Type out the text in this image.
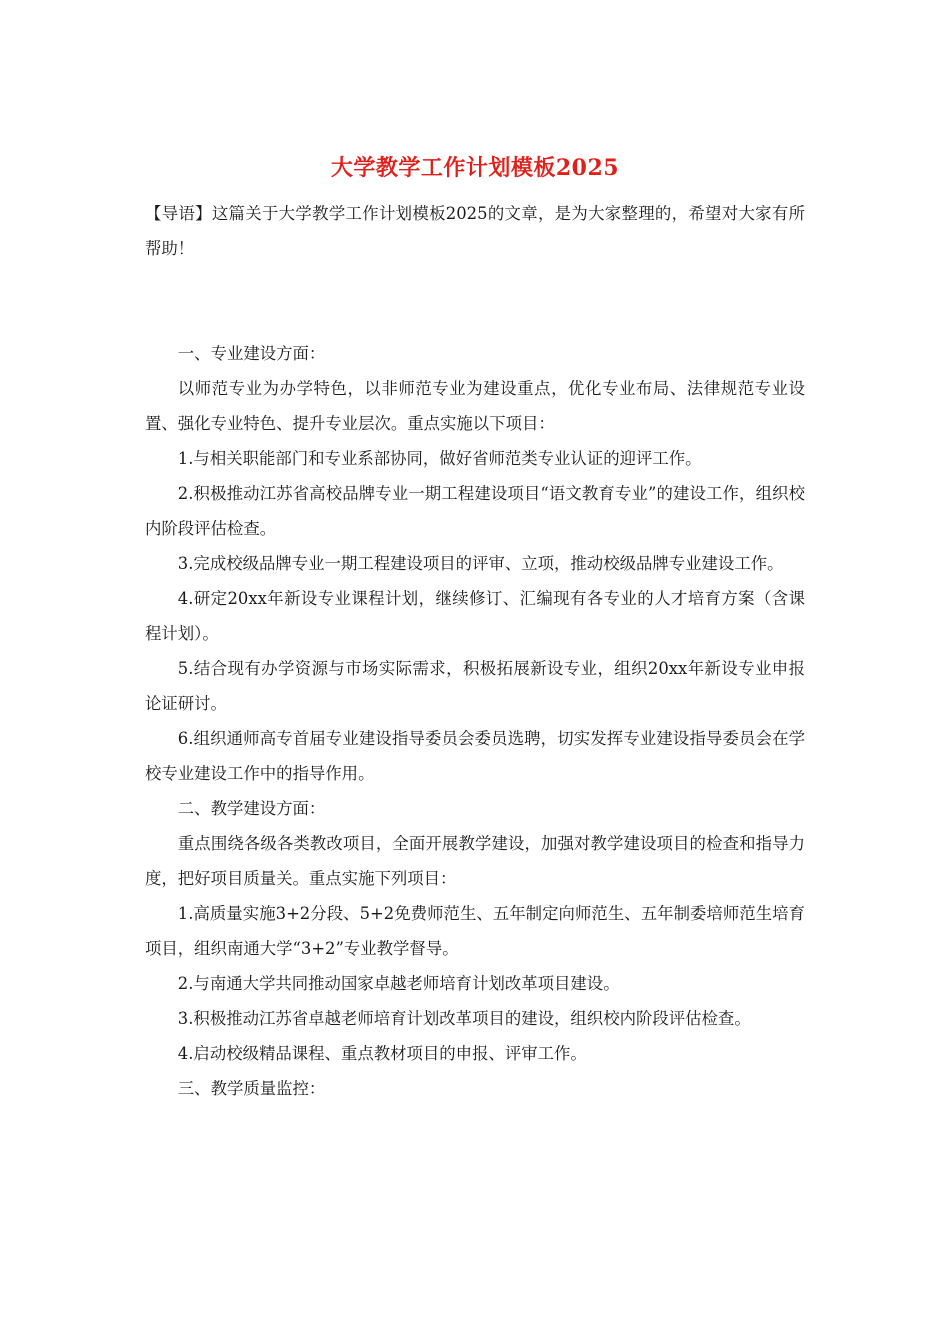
大学教学工作计划模板2025

【导语】这篇关于大学教学工作计划模板2025的文章，是为大家整理的，希望对大家有所帮助！

一、专业建设方面：

以师范专业为办学特色，以非师范专业为建设重点，优化专业布局、法律规范专业设置、强化专业特色、提升专业层次。重点实施以下项目：

1.与相关职能部门和专业系部协同，做好省师范类专业认证的迎评工作。

2.积极推动江苏省高校品牌专业一期工程建设项目“语文教育专业”的建设工作，组织校内阶段评估检查。

3.完成校级品牌专业一期工程建设项目的评审、立项，推动校级品牌专业建设工作。

4.研定20xx年新设专业课程计划，继续修订、汇编现有各专业的人才培育方案（含课程计划）。

5.结合现有办学资源与市场实际需求，积极拓展新设专业，组织20xx年新设专业申报论证研讨。

6.组织通师高专首届专业建设指导委员会委员选聘，切实发挥专业建设指导委员会在学校专业建设工作中的指导作用。

二、教学建设方面：

重点围绕各级各类教改项目，全面开展教学建设，加强对教学建设项目的检查和指导力度，把好项目质量关。重点实施下列项目：

1.高质量实施3+2分段、5+2免费师范生、五年制定向师范生、五年制委培师范生培育项目，组织南通大学“3+2”专业教学督导。

2.与南通大学共同推动国家卓越老师培育计划改革项目建设。

3.积极推动江苏省卓越老师培育计划改革项目的建设，组织校内阶段评估检查。

4.启动校级精品课程、重点教材项目的申报、评审工作。

三、教学质量监控：
